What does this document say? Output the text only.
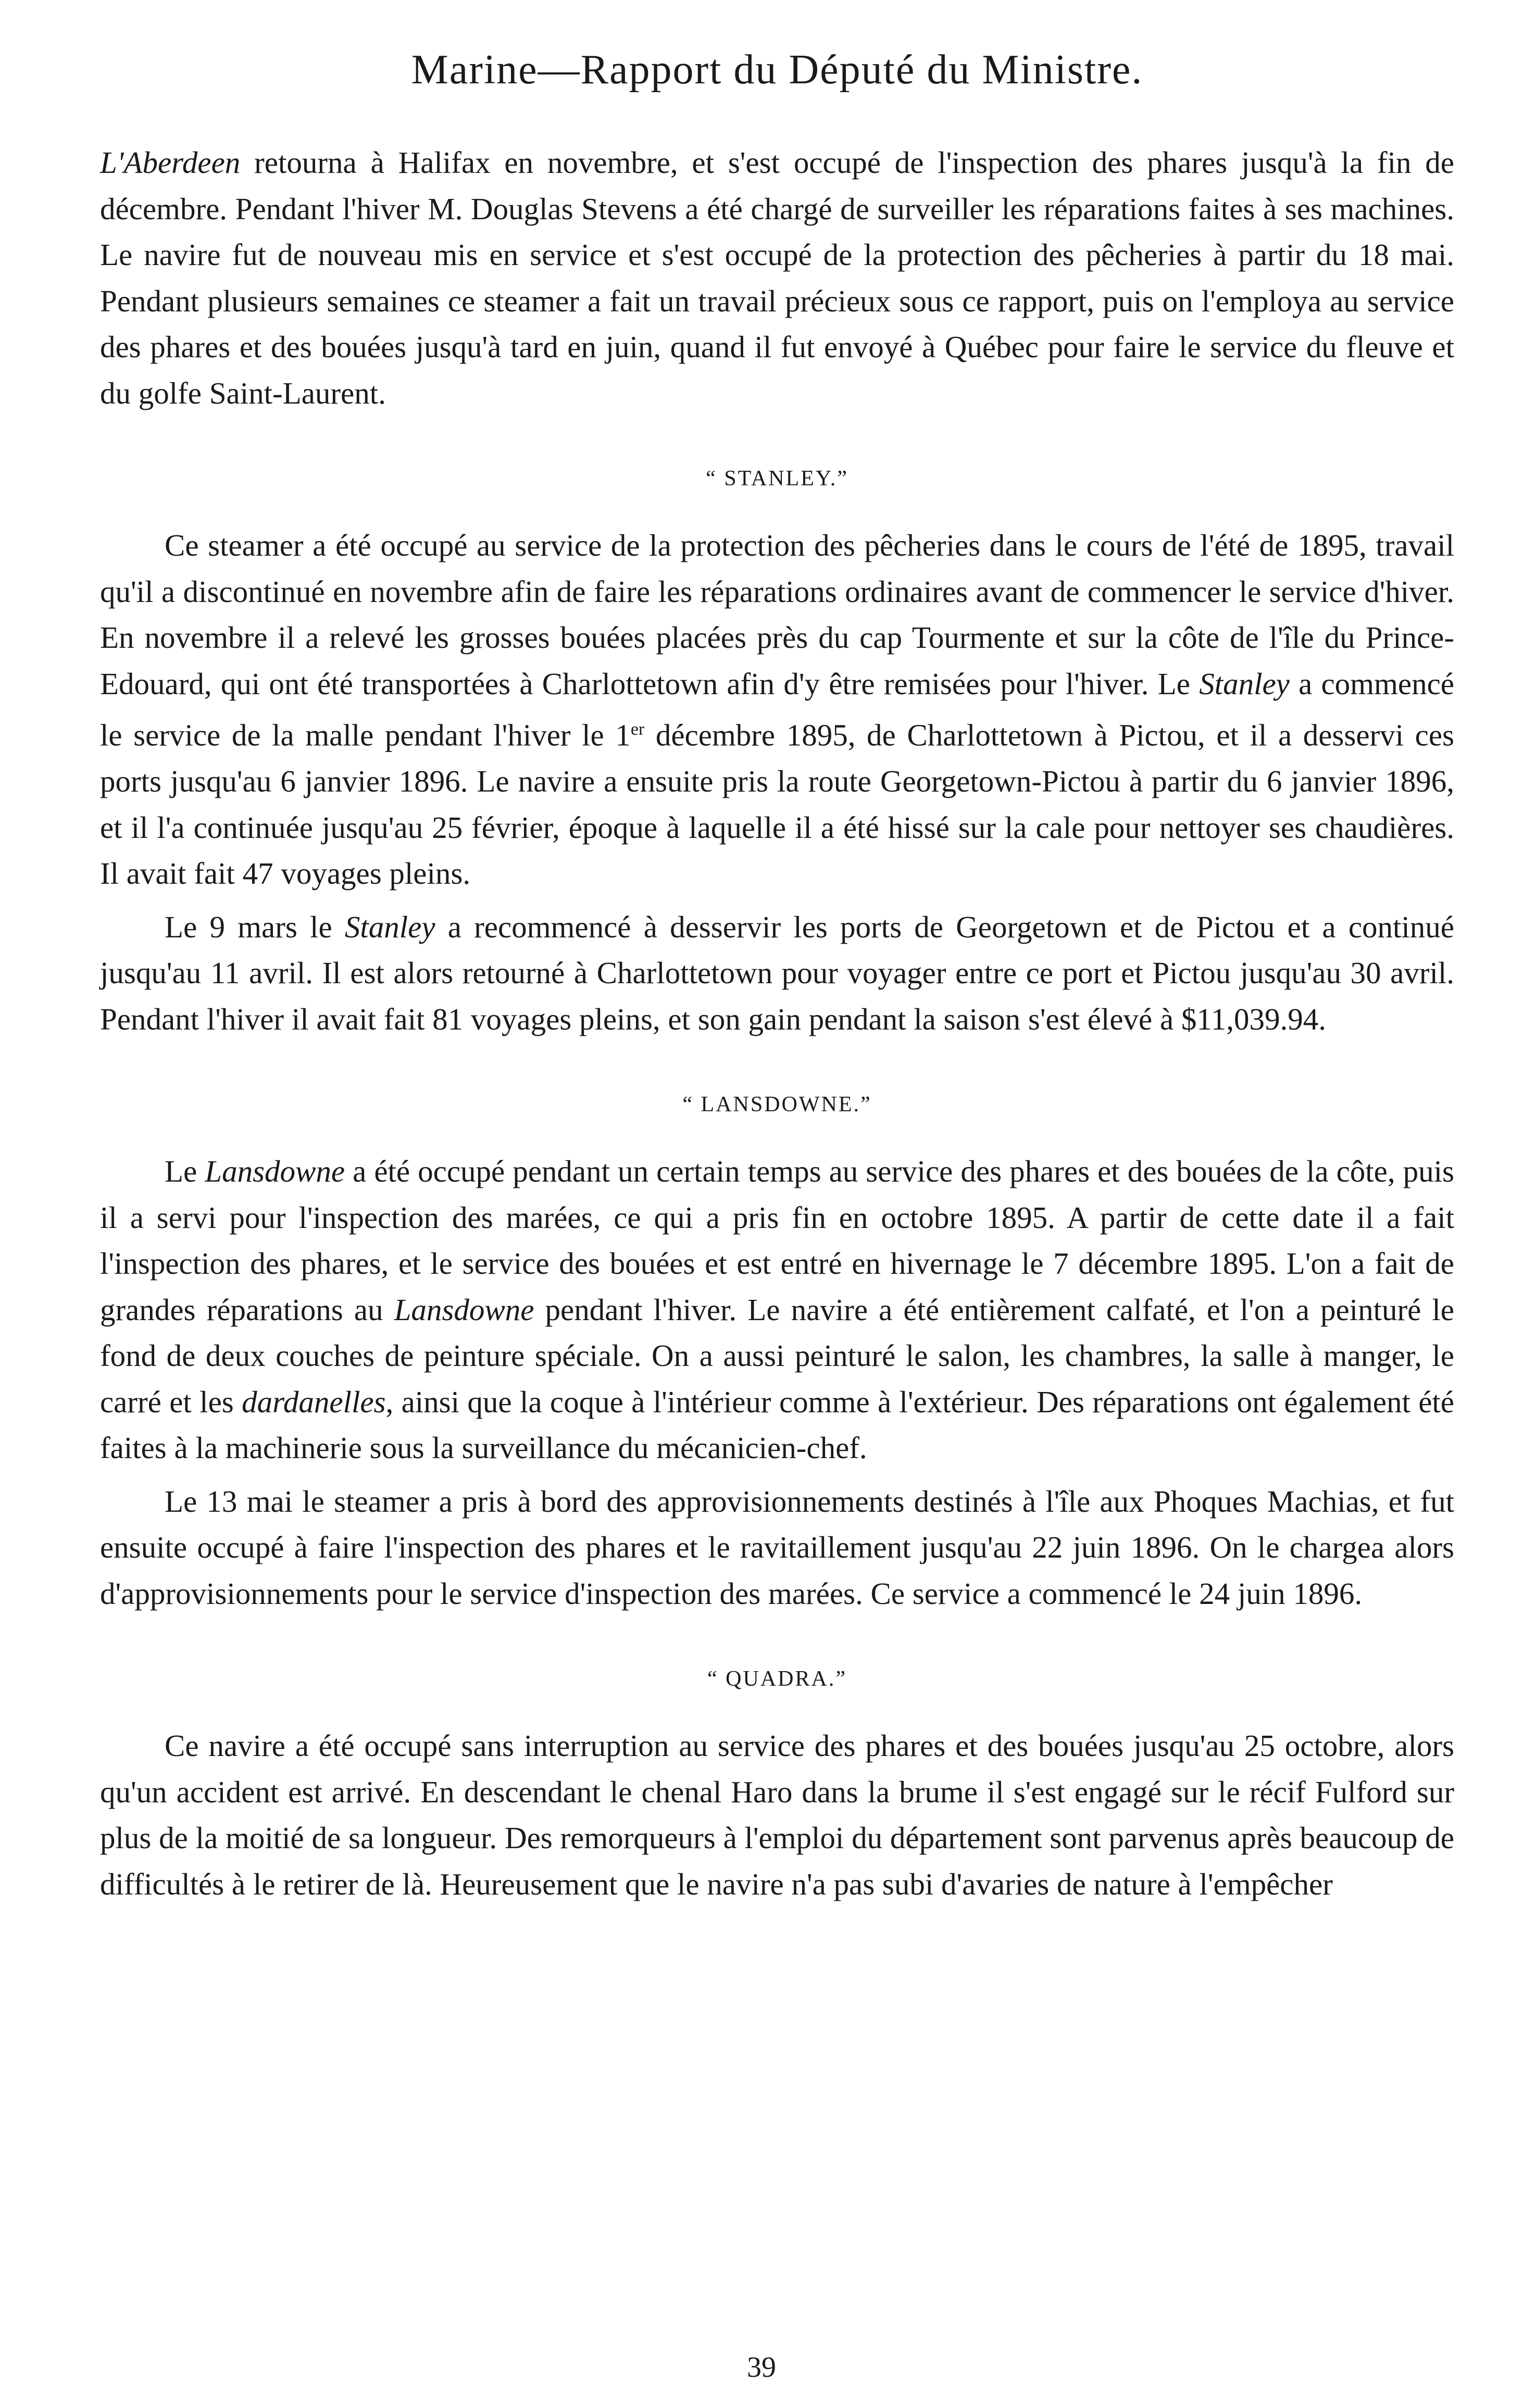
Marine—Rapport du Député du Ministre.

L'Aberdeen retourna à Halifax en novembre, et s'est occupé de l'inspection des phares jusqu'à la fin de décembre. Pendant l'hiver M. Douglas Stevens a été chargé de surveiller les réparations faites à ses machines. Le navire fut de nouveau mis en service et s'est occupé de la protection des pêcheries à partir du 18 mai. Pendant plusieurs semaines ce steamer a fait un travail précieux sous ce rapport, puis on l'employa au service des phares et des bouées jusqu'à tard en juin, quand il fut envoyé à Québec pour faire le service du fleuve et du golfe Saint-Laurent.

“ STANLEY.”

Ce steamer a été occupé au service de la protection des pêcheries dans le cours de l'été de 1895, travail qu'il a discontinué en novembre afin de faire les réparations ordinaires avant de commencer le service d'hiver. En novembre il a relevé les grosses bouées placées près du cap Tourmente et sur la côte de l'île du Prince-Edouard, qui ont été transportées à Charlottetown afin d'y être remisées pour l'hiver. Le Stanley a commencé le service de la malle pendant l'hiver le 1er décembre 1895, de Charlottetown à Pictou, et il a desservi ces ports jusqu'au 6 janvier 1896. Le navire a ensuite pris la route Georgetown-Pictou à partir du 6 janvier 1896, et il l'a continuée jusqu'au 25 février, époque à laquelle il a été hissé sur la cale pour nettoyer ses chaudières. Il avait fait 47 voyages pleins.

Le 9 mars le Stanley a recommencé à desservir les ports de Georgetown et de Pictou et a continué jusqu'au 11 avril. Il est alors retourné à Charlottetown pour voyager entre ce port et Pictou jusqu'au 30 avril. Pendant l'hiver il avait fait 81 voyages pleins, et son gain pendant la saison s'est élevé à $11,039.94.

“ LANSDOWNE.”

Le Lansdowne a été occupé pendant un certain temps au service des phares et des bouées de la côte, puis il a servi pour l'inspection des marées, ce qui a pris fin en octobre 1895. A partir de cette date il a fait l'inspection des phares, et le service des bouées et est entré en hivernage le 7 décembre 1895. L'on a fait de grandes réparations au Lansdowne pendant l'hiver. Le navire a été entièrement calfaté, et l'on a peinturé le fond de deux couches de peinture spéciale. On a aussi peinturé le salon, les chambres, la salle à manger, le carré et les dardanelles, ainsi que la coque à l'intérieur comme à l'extérieur. Des réparations ont également été faites à la machinerie sous la surveillance du mécanicien-chef.

Le 13 mai le steamer a pris à bord des approvisionnements destinés à l'île aux Phoques Machias, et fut ensuite occupé à faire l'inspection des phares et le ravitaillement jusqu'au 22 juin 1896. On le chargea alors d'approvisionnements pour le service d'inspection des marées. Ce service a commencé le 24 juin 1896.

“ QUADRA.”

Ce navire a été occupé sans interruption au service des phares et des bouées jusqu'au 25 octobre, alors qu'un accident est arrivé. En descendant le chenal Haro dans la brume il s'est engagé sur le récif Fulford sur plus de la moitié de sa longueur. Des remorqueurs à l'emploi du département sont parvenus après beaucoup de difficultés à le retirer de là. Heureusement que le navire n'a pas subi d'avaries de nature à l'empêcher

39
